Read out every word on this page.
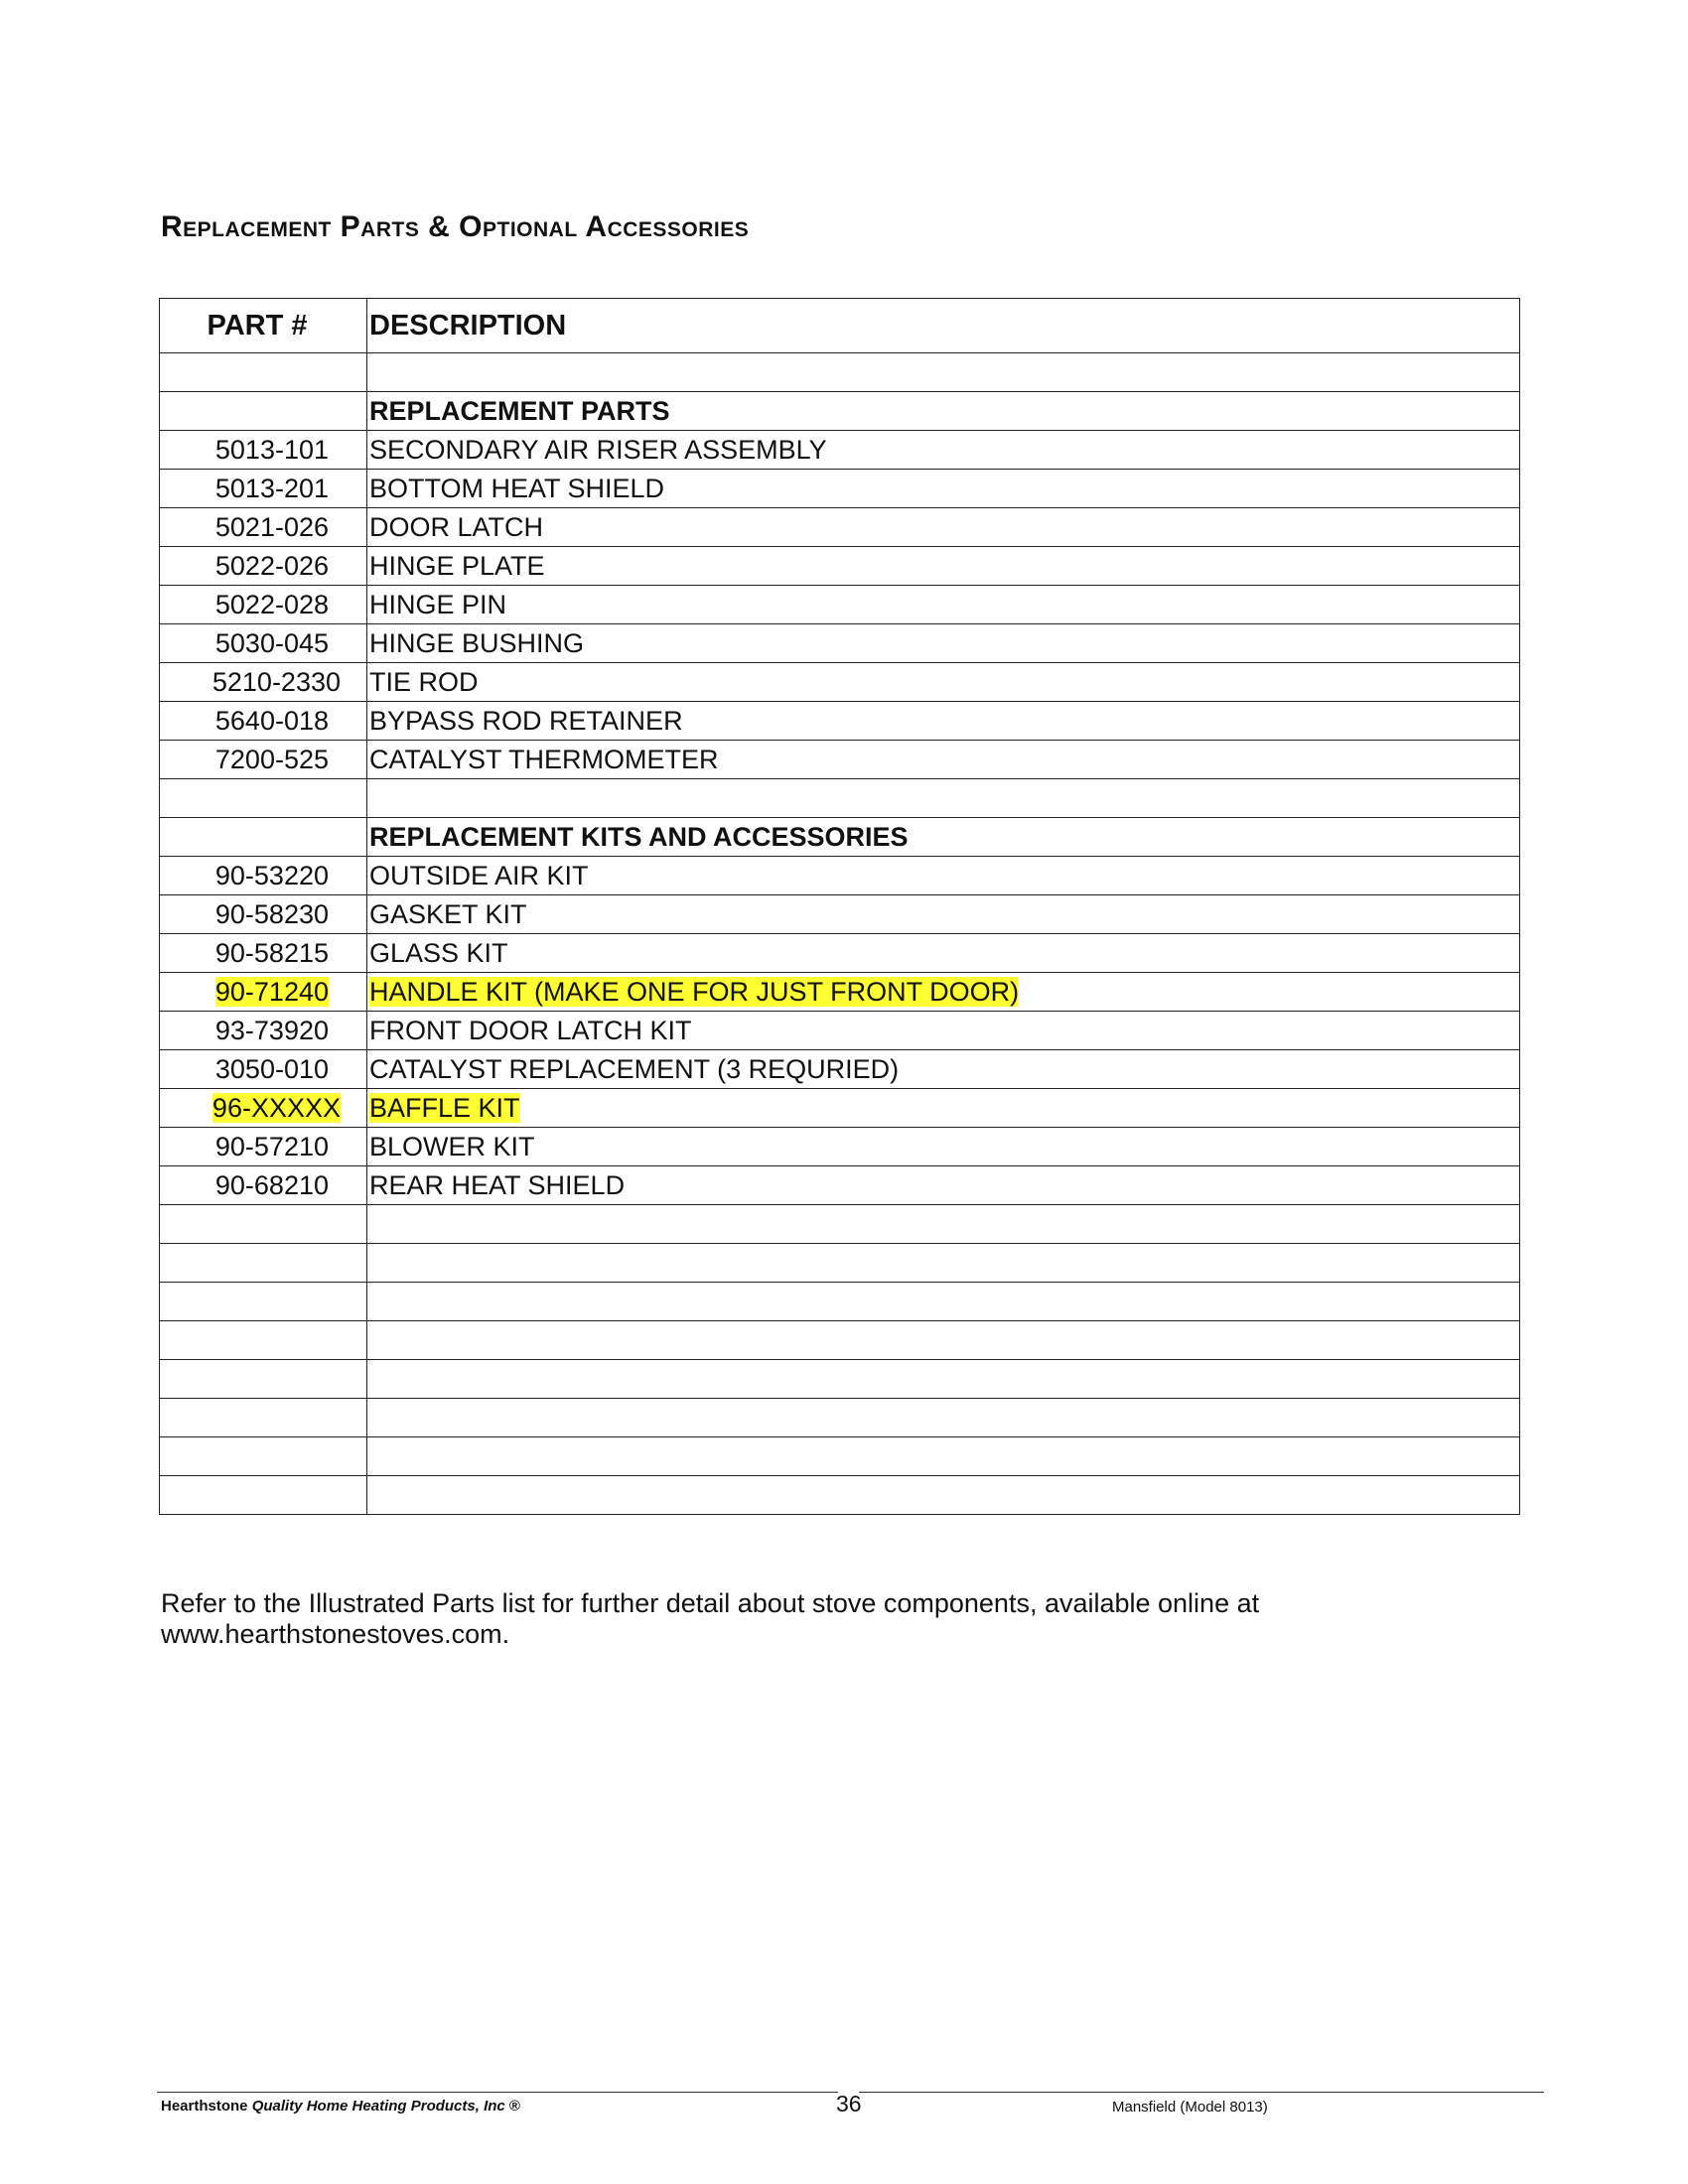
Replacement Parts & Optional Accessories
PART #	DESCRIPTION

	REPLACEMENT PARTS
5013-101	SECONDARY AIR RISER ASSEMBLY
5013-201	BOTTOM HEAT SHIELD
5021-026	DOOR LATCH
5022-026	HINGE PLATE
5022-028	HINGE PIN
5030-045	HINGE BUSHING
5210-2330	TIE ROD
5640-018	BYPASS ROD RETAINER
7200-525	CATALYST THERMOMETER

	REPLACEMENT KITS AND ACCESSORIES
90-53220	OUTSIDE AIR KIT
90-58230	GASKET KIT
90-58215	GLASS KIT
90-71240	HANDLE KIT (MAKE ONE FOR JUST FRONT DOOR)
93-73920	FRONT DOOR LATCH KIT
3050-010	CATALYST REPLACEMENT (3 REQURIED)
96-XXXXX	BAFFLE KIT
90-57210	BLOWER KIT
90-68210	REAR HEAT SHIELD

Refer to the Illustrated Parts list for further detail about stove components, available online at www.hearthstonestoves.com.

Hearthstone Quality Home Heating Products, Inc ®	36	Mansfield (Model 8013)
